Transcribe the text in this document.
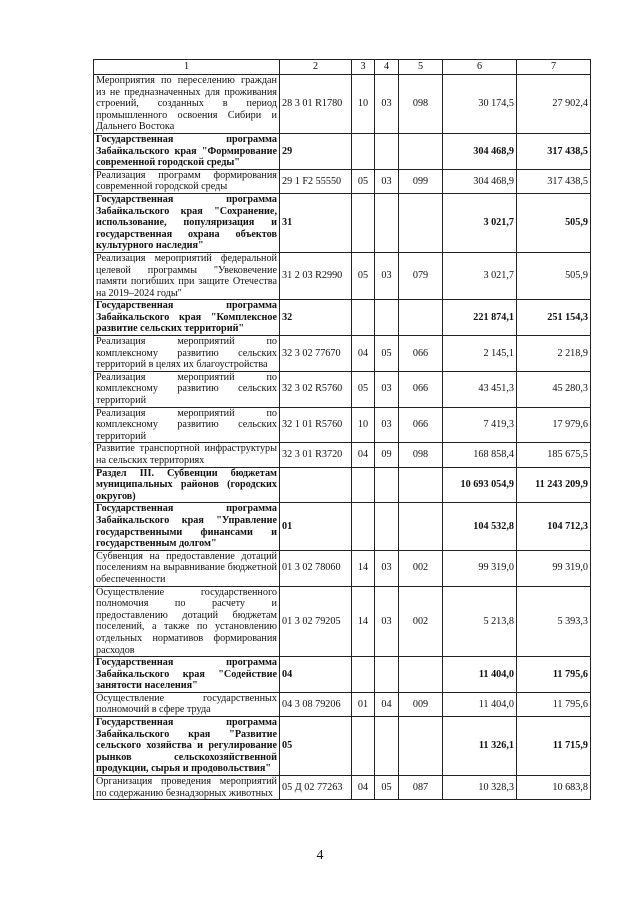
1	2	3	4	5	6	7
Мероприятия по переселению граждан из не предназначенных для проживания строений, созданных в период промышленного освоения Сибири и Дальнего Востока	28 3 01 R1780	10	03	098	30 174,5	27 902,4
Государственная программа Забайкальского края "Формирование современной городской среды"	29				304 468,9	317 438,5
Реализация программ формирования современной городской среды	29 1 F2 55550	05	03	099	304 468,9	317 438,5
Государственная программа Забайкальского края "Сохранение, использование, популяризация и государственная охрана объектов культурного наследия"	31				3 021,7	505,9
Реализация мероприятий федеральной целевой программы "Увековечение памяти погибших при защите Отечества на 2019–2024 годы"	31 2 03 R2990	05	03	079	3 021,7	505,9
Государственная программа Забайкальского края "Комплексное развитие сельских территорий"	32				221 874,1	251 154,3
Реализация мероприятий по комплексному развитию сельских территорий в целях их благоустройства	32 3 02 77670	04	05	066	2 145,1	2 218,9
Реализация мероприятий по комплексному развитию сельских территорий	32 3 02 R5760	05	03	066	43 451,3	45 280,3
Реализация мероприятий по комплексному развитию сельских территорий	32 1 01 R5760	10	03	066	7 419,3	17 979,6
Развитие транспортной инфраструктуры на сельских территориях	32 3 01 R3720	04	09	098	168 858,4	185 675,5
Раздел III. Субвенции бюджетам муниципальных районов (городских округов)					10 693 054,9	11 243 209,9
Государственная программа Забайкальского края "Управление государственными финансами и государственным долгом"	01				104 532,8	104 712,3
Субвенция на предоставление дотаций поселениям на выравнивание бюджетной обеспеченности	01 3 02 78060	14	03	002	99 319,0	99 319,0
Осуществление государственного полномочия по расчету и предоставлению дотаций бюджетам поселений, а также по установлению отдельных нормативов формирования расходов	01 3 02 79205	14	03	002	5 213,8	5 393,3
Государственная программа Забайкальского края "Содействие занятости населения"	04				11 404,0	11 795,6
Осуществление государственных полномочий в сфере труда	04 3 08 79206	01	04	009	11 404,0	11 795,6
Государственная программа Забайкальского края "Развитие сельского хозяйства и регулирование рынков сельскохозяйственной продукции, сырья и продовольствия"	05				11 326,1	11 715,9
Организация проведения мероприятий по содержанию безнадзорных животных	05 Д 02 77263	04	05	087	10 328,3	10 683,8
4
